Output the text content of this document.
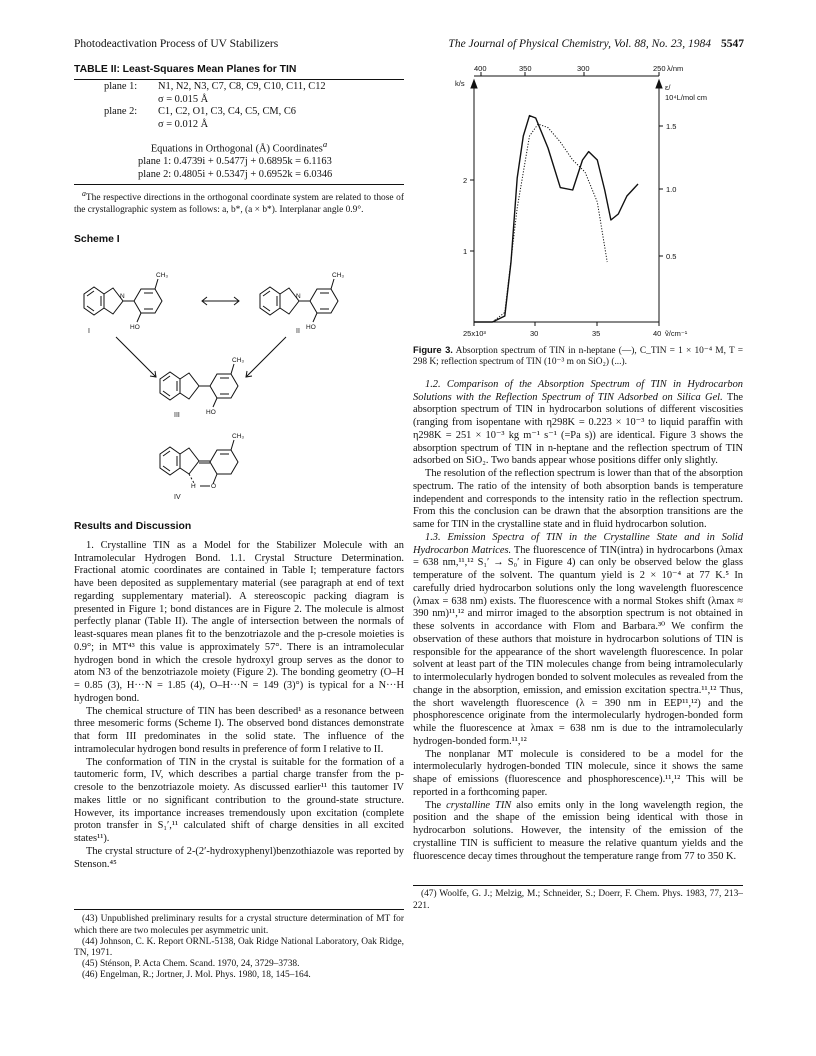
Photodeactivation Process of UV Stabilizers	The Journal of Physical Chemistry, Vol. 88, No. 23, 1984 5547
TABLE II: Least-Squares Mean Planes for TIN
plane 1:	N1, N2, N3, C7, C8, C9, C10, C11, C12
σ = 0.015 Å
plane 2:	C1, C2, O1, C3, C4, C5, CM, C6
σ = 0.012 Å
Equations in Orthogonal (Å) Coordinates$^a$
plane 1: 0.4739i + 0.5477j + 0.6895k = 6.1163
plane 2: 0.4805i + 0.5347j + 0.6952k = 6.0346
$^a$The respective directions in the orthogonal coordinate system are related to those of the crystallographic system as follows: a, b*, (a × b*). Interplanar angle 0.9°.
Scheme I
CH₃
HO
CH₃
HO
CH₃
HO
CH₃
H O
N	N
I	II
III
IV
Results and Discussion

1. Crystalline TIN as a Model for the Stabilizer Molecule with an Intramolecular Hydrogen Bond. 1.1. Crystal Structure Determination. Fractional atomic coordinates are contained in Table I; temperature factors have been deposited as supplementary material (see paragraph at end of text regarding supplementary material). A stereoscopic packing diagram is presented in Figure 1; bond distances are in Figure 2. The molecule is almost perfectly planar (Table II). The angle of intersection between the normals of least-squares mean planes fit to the benzotriazole and the p-cresole moieties is 0.9°; in MT⁴³ this value is approximately 57°. There is an intramolecular hydrogen bond in which the cresole hydroxyl group serves as the donor to atom N3 of the benzotriazole moiety (Figure 2). The bonding geometry (O–H = 0.85 (3), H···N = 1.85 (4), O–H···N = 149 (3)°) is typical for a N···H hydrogen bond.

The chemical structure of TIN has been described¹ as a resonance between three mesomeric forms (Scheme I). The observed bond distances demonstrate that form III predominates in the solid state. The influence of the intramolecular hydrogen bond results in preference of form I relative to II.

The conformation of TIN in the crystal is suitable for the formation of a tautomeric form, IV, which describes a partial charge transfer from the p-cresole to the benzotriazole moiety. As discussed earlier¹¹ this tautomer IV makes little or no significant contribution to the ground-state structure. However, its importance increases tremendously upon excitation (complete proton transfer in S₁′,¹¹ calculated shift of charge densities in all excited states¹¹).

The crystal structure of 2-(2′-hydroxyphenyl)benzothiazole was reported by Stenson.⁴⁵

(43) Unpublished preliminary results for a crystal structure determination of MT for which there are two molecules per asymmetric unit.
(44) Johnson, C. K. Report ORNL-5138, Oak Ridge National Laboratory, Oak Ridge, TN, 1971.
(45) Sténson, P. Acta Chem. Scand. 1970, 24, 3729–3738.
(46) Engelman, R.; Jortner, J. Mol. Phys. 1980, 18, 145–164.
400	350	300	250 λ/nm
k/s
2
1
ε/
10⁴L/mol cm
1.5
1.0
0.5
25x10³	30	35	40 ṽ/cm⁻¹
Figure 3. Absorption spectrum of TIN in n-heptane (—), C_TIN = 1 × 10⁻⁴ M, T = 298 K; reflection spectrum of TIN (10⁻³ m on SiO₂) (...).

1.2. Comparison of the Absorption Spectrum of TIN in Hydrocarbon Solutions with the Reflection Spectrum of TIN Adsorbed on Silica Gel. The absorption spectrum of TIN in hydrocarbon solutions of different viscosities (ranging from isopentane with η298K = 0.223 × 10⁻³ to liquid paraffin with η298K = 251 × 10⁻³ kg m⁻¹ s⁻¹ (=Pa s)) are identical. Figure 3 shows the absorption spectrum of TIN in n-heptane and the reflection spectrum of TIN adsorbed on SiO₂. Two bands appear whose positions differ only slightly.

The resolution of the reflection spectrum is lower than that of the absorption spectrum. The ratio of the intensity of both absorption bands is temperature independent and corresponds to the intensity ratio in the reflection spectrum. From this the conclusion can be drawn that the absorption transitions are the same for TIN in the crystalline state and in fluid hydrocarbon solution.

1.3. Emission Spectra of TIN in the Crystalline State and in Solid Hydrocarbon Matrices. The fluorescence of TIN(intra) in hydrocarbons (λmax = 638 nm,¹¹,¹² S₁′ → S₀′ in Figure 4) can only be observed below the glass temperature of the solvent. The quantum yield is 2 × 10⁻⁴ at 77 K.⁵ In carefully dried hydrocarbon solutions only the long wavelength fluorescence (λmax = 638 nm) exists. The fluorescence with a normal Stokes shift (λmax ≈ 390 nm)¹¹,¹² and mirror imaged to the absorption spectrum is not obtained in these solvents in accordance with Flom and Barbara.³⁰ We confirm the observation of these authors that moisture in hydrocarbon solutions of TIN is responsible for the appearance of the short wavelength fluorescence. In polar solvent at least part of the TIN molecules change from being intramolecularly to intermolecularly hydrogen bonded to solvent molecules as revealed from the change in the absorption, emission, and emission excitation spectra.¹¹,¹² Thus, the short wavelength fluorescence (λ = 390 nm in EEP¹¹,¹²) and the phosphorescence originate from the intermolecularly hydrogen-bonded form while the fluorescence at λmax = 638 nm is due to the intramolecularly hydrogen-bonded form.¹¹,¹²

The nonplanar MT molecule is considered to be a model for the intermolecularly hydrogen-bonded TIN molecule, since it shows the same shape of emissions (fluorescence and phosphorescence).¹¹,¹² This will be reported in a forthcoming paper.

The crystalline TIN also emits only in the long wavelength region, the position and the shape of the emission being identical with those in hydrocarbon solutions. However, the intensity of the emission of the crystalline TIN is sufficient to measure the relative quantum yields and the fluorescence decay times throughout the temperature range from 77 to 350 K.

(47) Woolfe, G. J.; Melzig, M.; Schneider, S.; Doerr, F. Chem. Phys. 1983, 77, 213–221.
